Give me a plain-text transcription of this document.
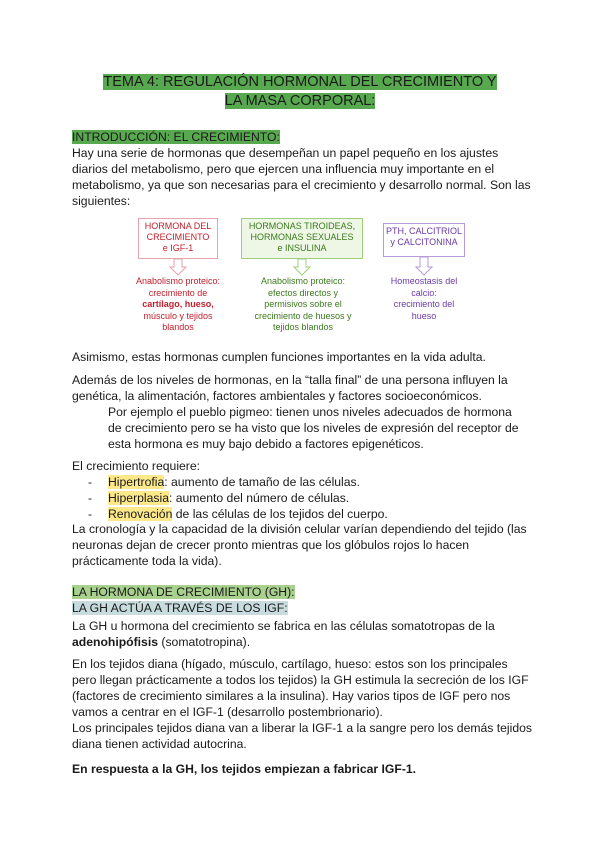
TEMA 4: REGULACIÓN HORMONAL DEL CRECIMIENTO Y
LA MASA CORPORAL:
INTRODUCCIÓN: EL CRECIMIENTO:
Hay una serie de hormonas que desempeñan un papel pequeño en los ajustes diarios del metabolismo, pero que ejercen una influencia muy importante en el metabolismo, ya que son necesarias para el crecimiento y desarrollo normal. Son las siguientes:
HORMONA DEL
CRECIMIENTO
e IGF-1
HORMONAS TIROIDEAS,
HORMONAS SEXUALES
e INSULINA
PTH, CALCITRIOL
y CALCITONINA
Anabolismo proteico:
crecimiento de
cartílago, hueso,
músculo y tejidos
blandos
Anabolismo proteico:
efectos directos y
permisivos sobre el
crecimiento de huesos y
tejidos blandos
Homeostasis del
calcio:
crecimiento del
hueso
Asimismo, estas hormonas cumplen funciones importantes en la vida adulta.
Además de los niveles de hormonas, en la “talla final” de una persona influyen la genética, la alimentación, factores ambientales y factores socioeconómicos.
Por ejemplo el pueblo pigmeo: tienen unos niveles adecuados de hormona de crecimiento pero se ha visto que los niveles de expresión del receptor de esta hormona es muy bajo debido a factores epigenéticos.
El crecimiento requiere:
- Hipertrofia: aumento de tamaño de las células.
- Hiperplasia: aumento del número de células.
- Renovación de las células de los tejidos del cuerpo.
La cronología y la capacidad de la división celular varían dependiendo del tejido (las neuronas dejan de crecer pronto mientras que los glóbulos rojos lo hacen prácticamente toda la vida).
LA HORMONA DE CRECIMIENTO (GH):
LA GH ACTÚA A TRAVÉS DE LOS IGF:
La GH u hormona del crecimiento se fabrica en las células somatotropas de la adenohipófisis (somatotropina).
En los tejidos diana (hígado, músculo, cartílago, hueso: estos son los principales pero llegan prácticamente a todos los tejidos) la GH estimula la secreción de los IGF (factores de crecimiento similares a la insulina). Hay varios tipos de IGF pero nos vamos a centrar en el IGF-1 (desarrollo postembrionario).
Los principales tejidos diana van a liberar la IGF-1 a la sangre pero los demás tejidos diana tienen actividad autocrina.
En respuesta a la GH, los tejidos empiezan a fabricar IGF-1.
